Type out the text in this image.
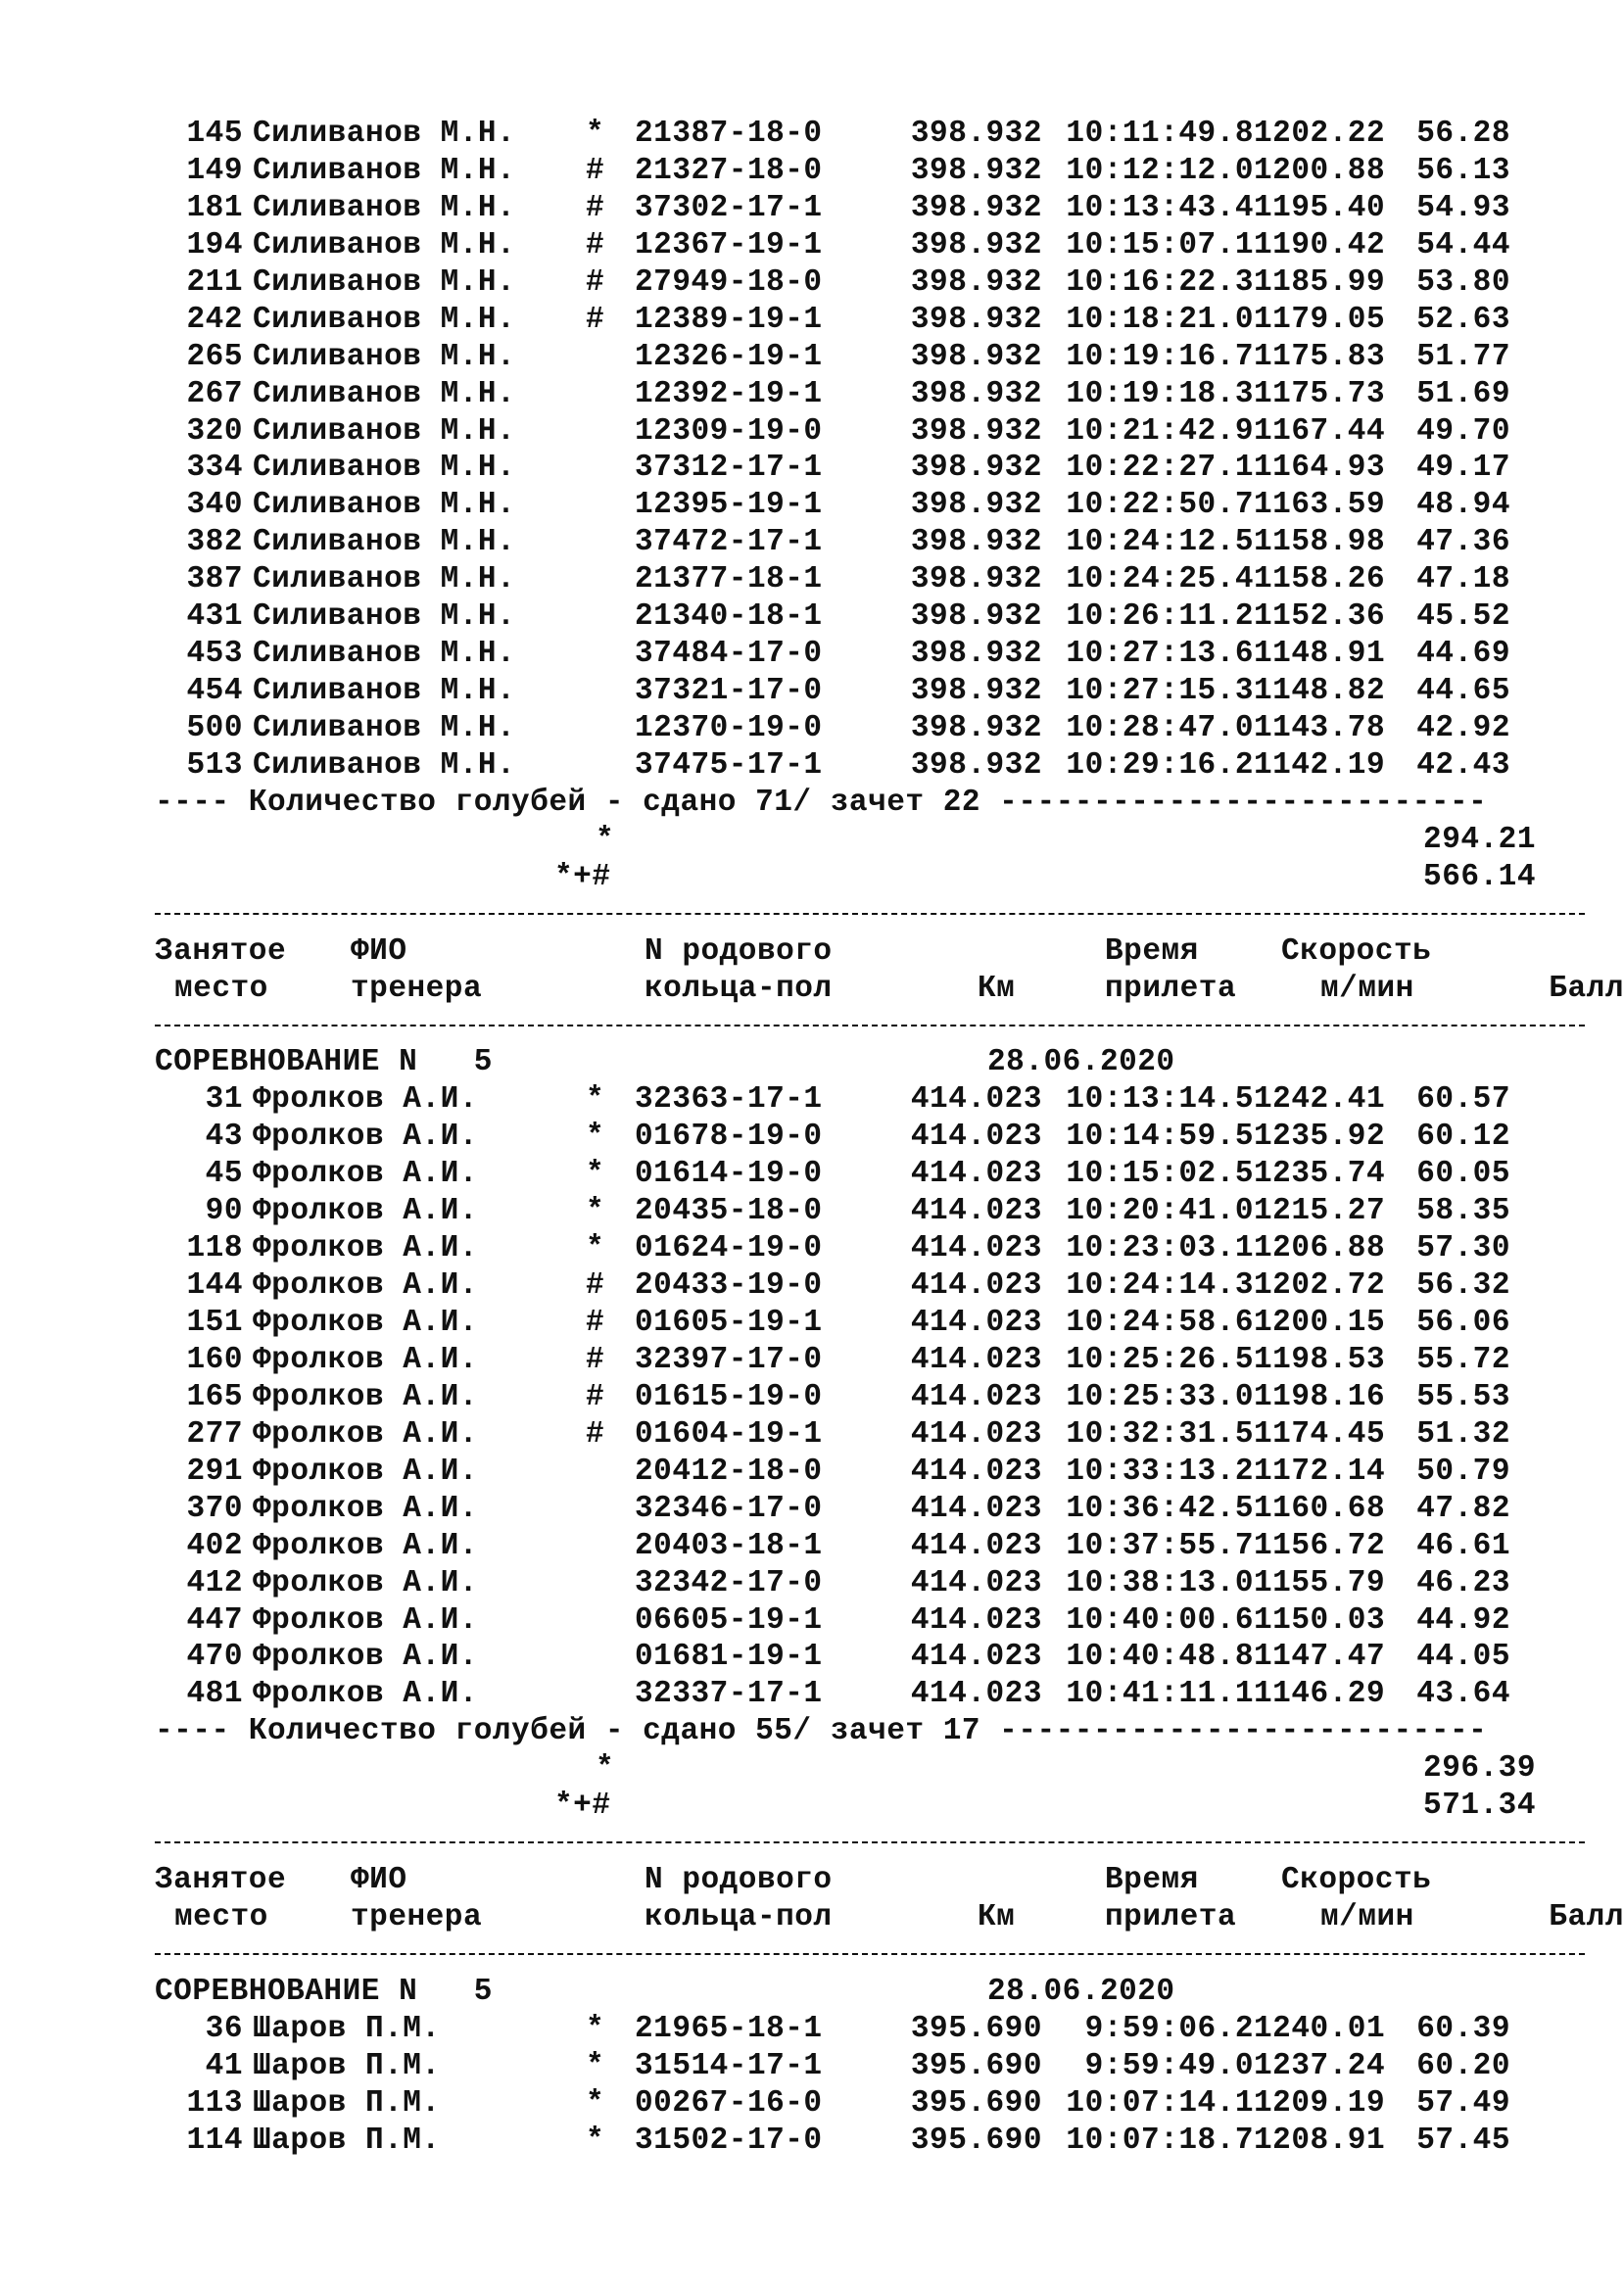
145 Силиванов М.Н.	* 21387-18-0	398.932 10:11:49.8 1202.22	56.28
149 Силиванов М.Н.	# 21327-18-0	398.932 10:12:12.0 1200.88	56.13
181 Силиванов М.Н.	# 37302-17-1	398.932 10:13:43.4 1195.40	54.93
194 Силиванов М.Н.	# 12367-19-1	398.932 10:15:07.1 1190.42	54.44
211 Силиванов М.Н.	# 27949-18-0	398.932 10:16:22.3 1185.99	53.80
242 Силиванов М.Н.	# 12389-19-1	398.932 10:18:21.0 1179.05	52.63
265 Силиванов М.Н.	12326-19-1	398.932 10:19:16.7 1175.83	51.77
267 Силиванов М.Н.	12392-19-1	398.932 10:19:18.3 1175.73	51.69
320 Силиванов М.Н.	12309-19-0	398.932 10:21:42.9 1167.44	49.70
334 Силиванов М.Н.	37312-17-1	398.932 10:22:27.1 1164.93	49.17
340 Силиванов М.Н.	12395-19-1	398.932 10:22:50.7 1163.59	48.94
382 Силиванов М.Н.	37472-17-1	398.932 10:24:12.5 1158.98	47.36
387 Силиванов М.Н.	21377-18-1	398.932 10:24:25.4 1158.26	47.18
431 Силиванов М.Н.	21340-18-1	398.932 10:26:11.2 1152.36	45.52
453 Силиванов М.Н.	37484-17-0	398.932 10:27:13.6 1148.91	44.69
454 Силиванов М.Н.	37321-17-0	398.932 10:27:15.3 1148.82	44.65
500 Силиванов М.Н.	12370-19-0	398.932 10:28:47.0 1143.78	42.92
513 Силиванов М.Н.	37475-17-1	398.932 10:29:16.2 1142.19	42.43
---- Количество голубей - сдано 71/ зачет 22 --------------------------
*	294.21
*+#	566.14
Занятое	ФИО	N родового	Время	Скорость
место	тренера	кольца-пол	Км	прилета	м/мин	Балл
СОРЕВНОВАНИЕ N   5	28.06.2020
31 Фролков А.И.	* 32363-17-1	414.023 10:13:14.5 1242.41	60.57
43 Фролков А.И.	* 01678-19-0	414.023 10:14:59.5 1235.92	60.12
45 Фролков А.И.	* 01614-19-0	414.023 10:15:02.5 1235.74	60.05
90 Фролков А.И.	* 20435-18-0	414.023 10:20:41.0 1215.27	58.35
118 Фролков А.И.	* 01624-19-0	414.023 10:23:03.1 1206.88	57.30
144 Фролков А.И.	# 20433-19-0	414.023 10:24:14.3 1202.72	56.32
151 Фролков А.И.	# 01605-19-1	414.023 10:24:58.6 1200.15	56.06
160 Фролков А.И.	# 32397-17-0	414.023 10:25:26.5 1198.53	55.72
165 Фролков А.И.	# 01615-19-0	414.023 10:25:33.0 1198.16	55.53
277 Фролков А.И.	# 01604-19-1	414.023 10:32:31.5 1174.45	51.32
291 Фролков А.И.	20412-18-0	414.023 10:33:13.2 1172.14	50.79
370 Фролков А.И.	32346-17-0	414.023 10:36:42.5 1160.68	47.82
402 Фролков А.И.	20403-18-1	414.023 10:37:55.7 1156.72	46.61
412 Фролков А.И.	32342-17-0	414.023 10:38:13.0 1155.79	46.23
447 Фролков А.И.	06605-19-1	414.023 10:40:00.6 1150.03	44.92
470 Фролков А.И.	01681-19-1	414.023 10:40:48.8 1147.47	44.05
481 Фролков А.И.	32337-17-1	414.023 10:41:11.1 1146.29	43.64
---- Количество голубей - сдано 55/ зачет 17 --------------------------
*	296.39
*+#	571.34
Занятое	ФИО	N родового	Время	Скорость
место	тренера	кольца-пол	Км	прилета	м/мин	Балл
СОРЕВНОВАНИЕ N   5	28.06.2020
36 Шаров П.М.	* 21965-18-1	395.690	9:59:06.2 1240.01	60.39
41 Шаров П.М.	* 31514-17-1	395.690	9:59:49.0 1237.24	60.20
113 Шаров П.М.	* 00267-16-0	395.690 10:07:14.1 1209.19	57.49
114 Шаров П.М.	* 31502-17-0	395.690 10:07:18.7 1208.91	57.45
